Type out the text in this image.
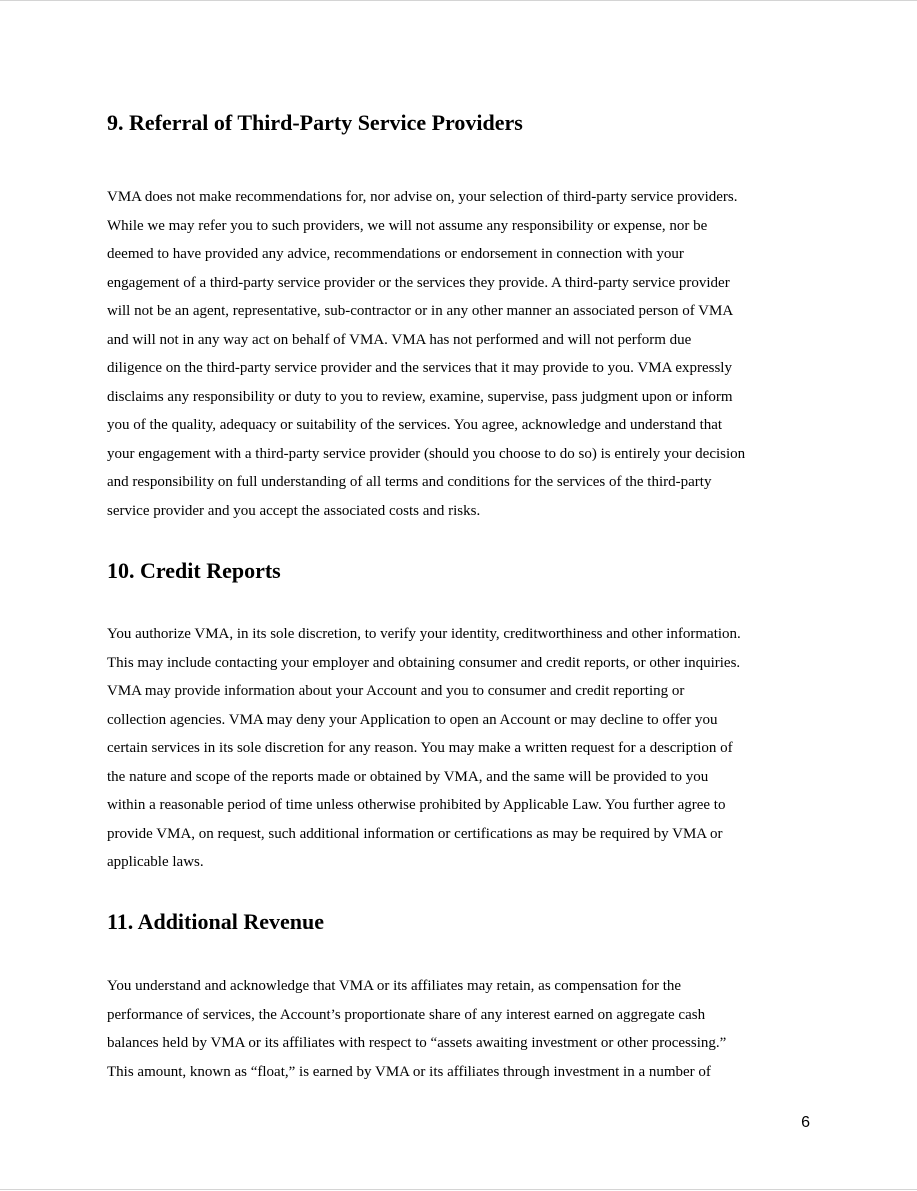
9. Referral of Third-Party Service Providers
VMA does not make recommendations for, nor advise on, your selection of third-party service providers.
While we may refer you to such providers, we will not assume any responsibility or expense, nor be
deemed to have provided any advice, recommendations or endorsement in connection with your
engagement of a third-party service provider or the services they provide. A third-party service provider
will not be an agent, representative, sub-contractor or in any other manner an associated person of VMA
and will not in any way act on behalf of VMA. VMA has not performed and will not perform due
diligence on the third-party service provider and the services that it may provide to you. VMA expressly
disclaims any responsibility or duty to you to review, examine, supervise, pass judgment upon or inform
you of the quality, adequacy or suitability of the services. You agree, acknowledge and understand that
your engagement with a third-party service provider (should you choose to do so) is entirely your decision
and responsibility on full understanding of all terms and conditions for the services of the third-party
service provider and you accept the associated costs and risks.
10. Credit Reports
You authorize VMA, in its sole discretion, to verify your identity, creditworthiness and other information.
This may include contacting your employer and obtaining consumer and credit reports, or other inquiries.
VMA may provide information about your Account and you to consumer and credit reporting or
collection agencies. VMA may deny your Application to open an Account or may decline to offer you
certain services in its sole discretion for any reason. You may make a written request for a description of
the nature and scope of the reports made or obtained by VMA, and the same will be provided to you
within a reasonable period of time unless otherwise prohibited by Applicable Law. You further agree to
provide VMA, on request, such additional information or certifications as may be required by VMA or
applicable laws.
11. Additional Revenue
You understand and acknowledge that VMA or its affiliates may retain, as compensation for the
performance of services, the Account’s proportionate share of any interest earned on aggregate cash
balances held by VMA or its affiliates with respect to “assets awaiting investment or other processing.”
This amount, known as “float,” is earned by VMA or its affiliates through investment in a number of
6
